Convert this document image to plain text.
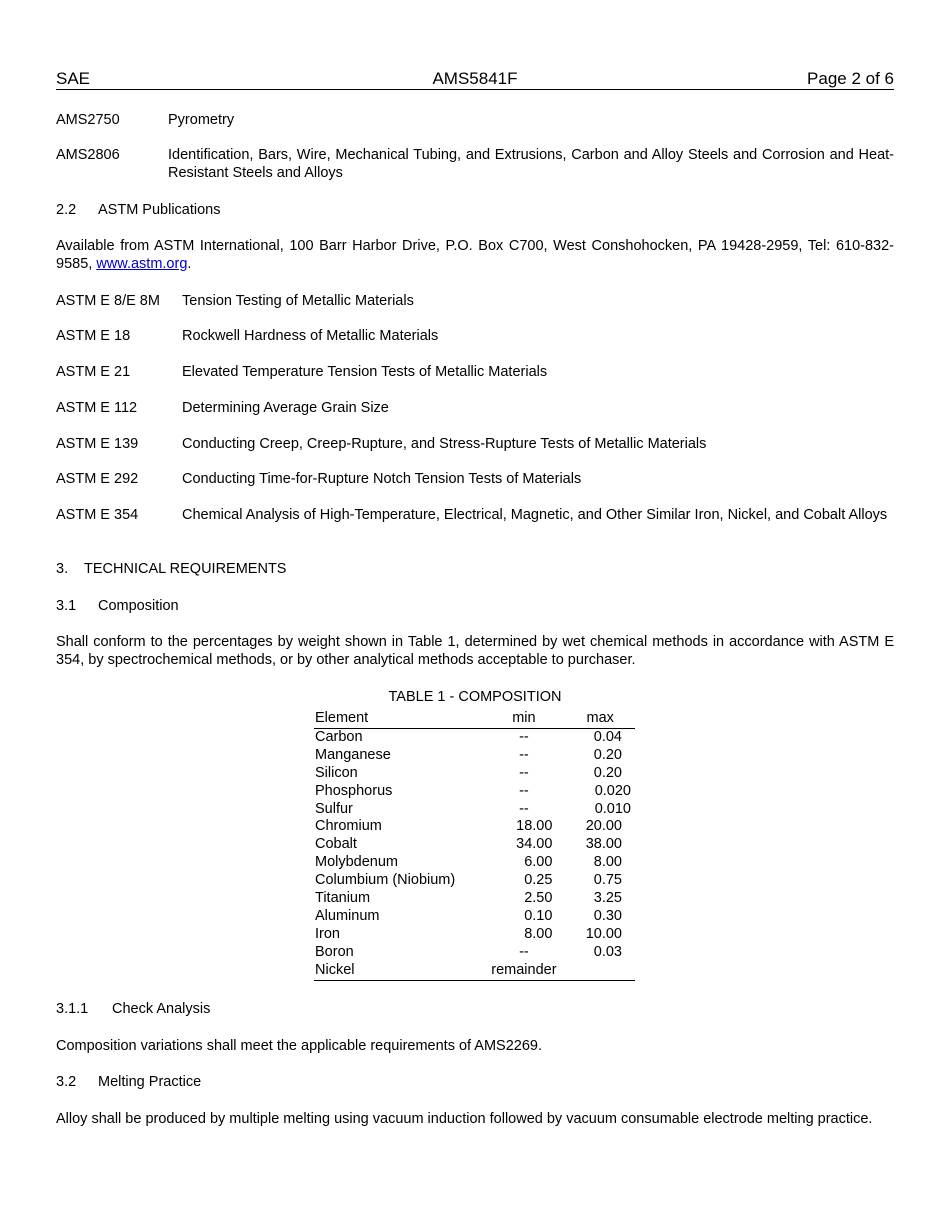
AMS5841F
SAE	Page 2 of 6
AMS2750	Pyrometry
AMS2806	Identification, Bars, Wire, Mechanical Tubing, and Extrusions, Carbon and Alloy Steels and Corrosion and Heat-Resistant Steels and Alloys
2.2 ASTM Publications
Available from ASTM International, 100 Barr Harbor Drive, P.O. Box C700, West Conshohocken, PA 19428-2959, Tel: 610-832-9585, www.astm.org.
ASTM E 8/E 8M Tension Testing of Metallic Materials
ASTM E 18	Rockwell Hardness of Metallic Materials
ASTM E 21	Elevated Temperature Tension Tests of Metallic Materials
ASTM E 112	Determining Average Grain Size
ASTM E 139	Conducting Creep, Creep-Rupture, and Stress-Rupture Tests of Metallic Materials
ASTM E 292	Conducting Time-for-Rupture Notch Tension Tests of Materials
ASTM E 354	Chemical Analysis of High-Temperature, Electrical, Magnetic, and Other Similar Iron, Nickel, and Cobalt Alloys
3. TECHNICAL REQUIREMENTS
3.1 Composition
Shall conform to the percentages by weight shown in Table 1, determined by wet chemical methods in accordance with ASTM E 354, by spectrochemical methods, or by other analytical methods acceptable to purchaser.
TABLE 1 - COMPOSITION
Element	min	max
Carbon	--	0.04
Manganese	--	0.20
Silicon	--	0.20
Phosphorus	--	0.020
Sulfur	--	0.010
Chromium	18.00	20.00
Cobalt	34.00	38.00
Molybdenum	6.00	8.00
Columbium (Niobium)	0.25	0.75
Titanium	2.50	3.25
Aluminum	0.10	0.30
Iron	8.00	10.00
Boron	--	0.03
Nickel	remainder	
3.1.1 Check Analysis
Composition variations shall meet the applicable requirements of AMS2269.
3.2 Melting Practice
Alloy shall be produced by multiple melting using vacuum induction followed by vacuum consumable electrode melting practice.
